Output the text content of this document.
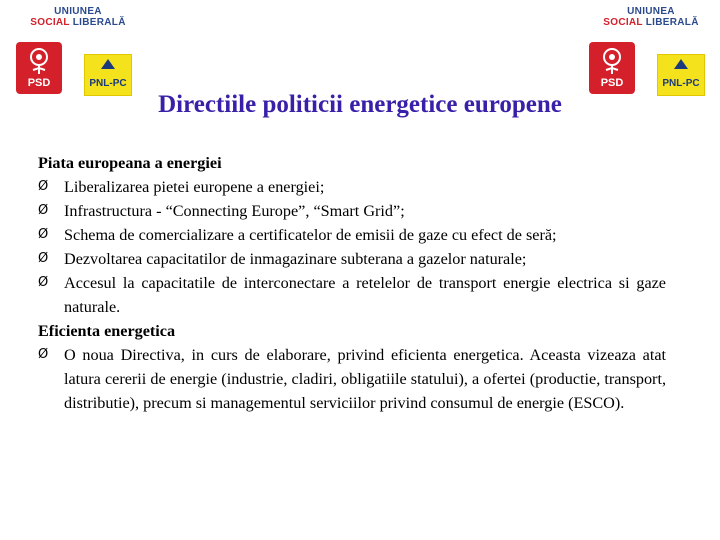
UNIUNEA
SOCIAL LIBERALĂ
PSD	PNL-PC
UNIUNEA
SOCIAL LIBERALĂ
PSD	PNL-PC
Directiile politicii energetice europene
Piata europeana a energiei
Ø Liberalizarea pietei europene a energiei;
Ø Infrastructura - “Connecting Europe”, “Smart Grid”;
Ø Schema de comercializare a certificatelor de emisii de gaze cu efect de seră;
Ø Dezvoltarea capacitatilor de inmagazinare subterana a gazelor naturale;
Ø Accesul la capacitatile de interconectare a retelelor de transport energie electrica si gaze naturale.
Eficienta energetica
Ø O noua Directiva, in curs de elaborare, privind eficienta energetica. Aceasta vizeaza atat latura cererii de energie (industrie, cladiri, obligatiile statului), a ofertei (productie, transport, distributie), precum si managementul serviciilor privind consumul de energie (ESCO).
